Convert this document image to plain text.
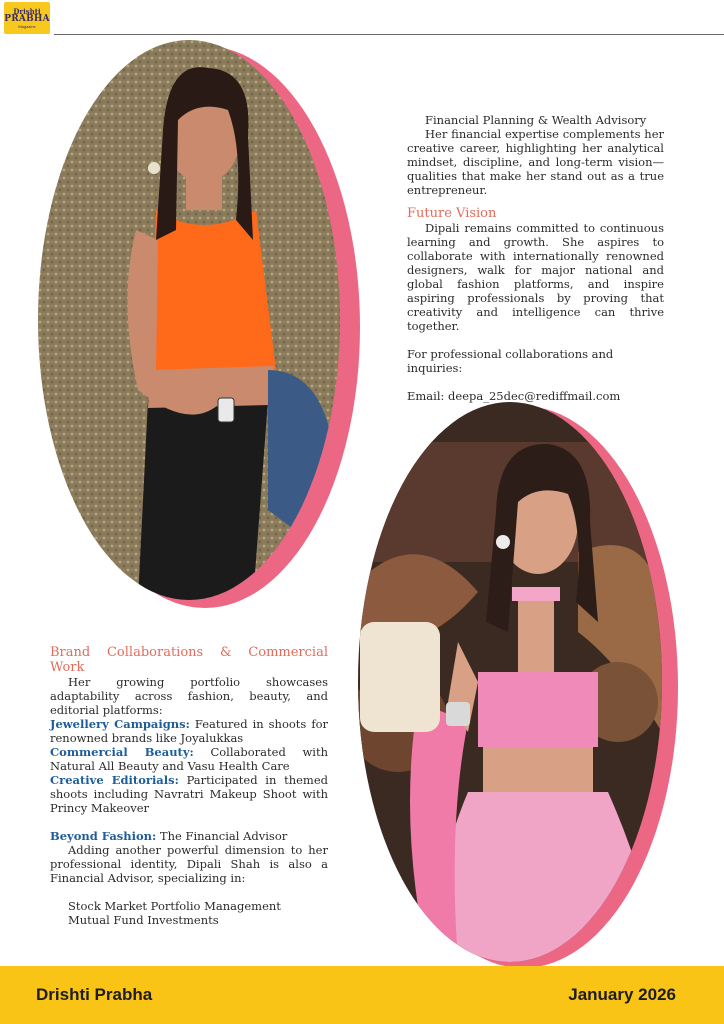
Drishti
PRABHA
Magazine

Financial Planning & Wealth Advisory

Her financial expertise complements her creative career, highlighting her analytical mindset, discipline, and long-term vision—qualities that make her stand out as a true entrepreneur.

Future Vision

Dipali remains committed to continuous learning and growth. She aspires to collaborate with internationally renowned designers, walk for major national and global fashion platforms, and inspire aspiring professionals by proving that creativity and intelligence can thrive together.

For professional collaborations and inquiries:

Email: deepa_25dec@rediffmail.com

Brand Collaborations & Commercial Work

Her growing portfolio showcases adaptability across fashion, beauty, and editorial platforms:

Jewellery Campaigns: Featured in shoots for renowned brands like Joyalukkas

Commercial Beauty: Collaborated with Natural All Beauty and Vasu Health Care

Creative Editorials: Participated in themed shoots including Navratri Makeup Shoot with Princy Makeover

Beyond Fashion: The Financial Advisor

Adding another powerful dimension to her professional identity, Dipali Shah is also a Financial Advisor, specializing in:

Stock Market Portfolio Management

Mutual Fund Investments

Drishti Prabha	January 2026
